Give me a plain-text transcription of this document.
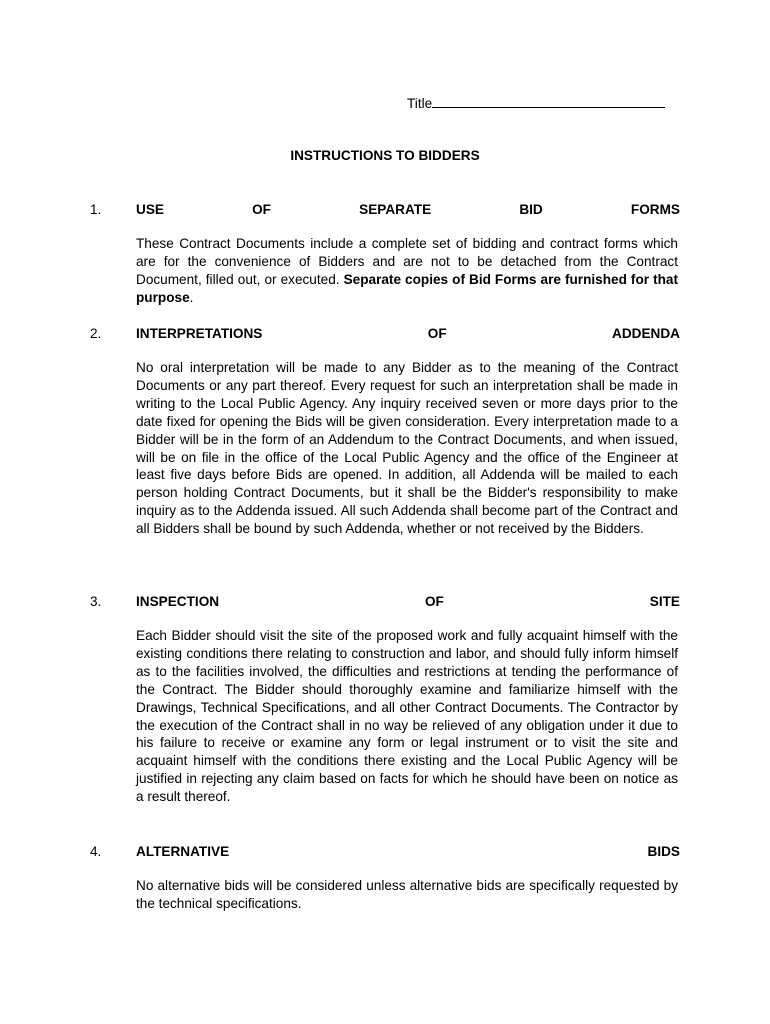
Title
INSTRUCTIONS TO BIDDERS
1.	USE	OF	SEPARATE	BID	FORMS
These Contract Documents include a complete set of bidding and contract forms which are for the convenience of Bidders and are not to be detached from the Contract Document, filled out, or executed. Separate copies of Bid Forms are furnished for that purpose.
2.	INTERPRETATIONS	OF	ADDENDA
No oral interpretation will be made to any Bidder as to the meaning of the Contract Documents or any part thereof. Every request for such an interpretation shall be made in writing to the Local Public Agency. Any inquiry received seven or more days prior to the date fixed for opening the Bids will be given consideration. Every interpretation made to a Bidder will be in the form of an Addendum to the Contract Documents, and when issued, will be on file in the office of the Local Public Agency and the office of the Engineer at least five days before Bids are opened. In addition, all Addenda will be mailed to each person holding Contract Documents, but it shall be the Bidder's responsibility to make inquiry as to the Addenda issued. All such Addenda shall become part of the Contract and all Bidders shall be bound by such Addenda, whether or not received by the Bidders.
3.	INSPECTION	OF	SITE
Each Bidder should visit the site of the proposed work and fully acquaint himself with the existing conditions there relating to construction and labor, and should fully inform himself as to the facilities involved, the difficulties and restrictions at tending the performance of the Contract. The Bidder should thoroughly examine and familiarize himself with the Drawings, Technical Specifications, and all other Contract Documents. The Contractor by the execution of the Contract shall in no way be relieved of any obligation under it due to his failure to receive or examine any form or legal instrument or to visit the site and acquaint himself with the conditions there existing and the Local Public Agency will be justified in rejecting any claim based on facts for which he should have been on notice as a result thereof.
4.	ALTERNATIVE	BIDS
No alternative bids will be considered unless alternative bids are specifically requested by the technical specifications.
